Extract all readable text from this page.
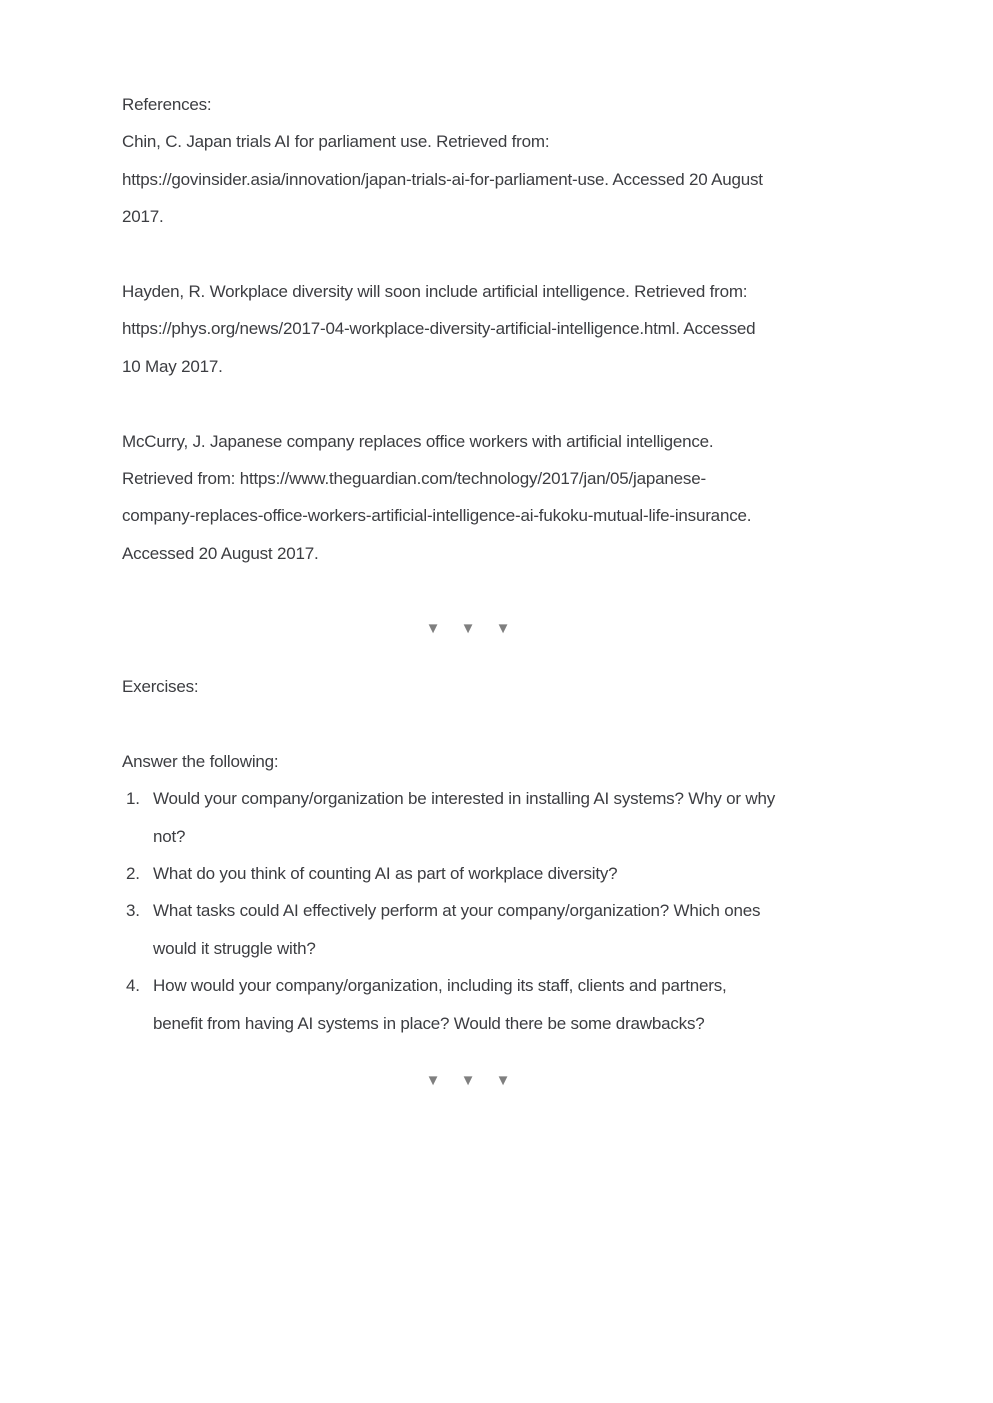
References:

Chin, C. Japan trials AI for parliament use. Retrieved from:
https://govinsider.asia/innovation/japan-trials-ai-for-parliament-use. Accessed 20 August
2017.

Hayden, R. Workplace diversity will soon include artificial intelligence. Retrieved from:
https://phys.org/news/2017-04-workplace-diversity-artificial-intelligence.html. Accessed
10 May 2017.

McCurry, J. Japanese company replaces office workers with artificial intelligence.
Retrieved from: https://www.theguardian.com/technology/2017/jan/05/japanese-
company-replaces-office-workers-artificial-intelligence-ai-fukoku-mutual-life-insurance.
Accessed 20 August 2017.

▼ ▼ ▼

Exercises:

Answer the following:

1. Would your company/organization be interested in installing AI systems? Why or why
not?
2. What do you think of counting AI as part of workplace diversity?
3. What tasks could AI effectively perform at your company/organization? Which ones
would it struggle with?
4. How would your company/organization, including its staff, clients and partners,
benefit from having AI systems in place? Would there be some drawbacks?
▼ ▼ ▼
